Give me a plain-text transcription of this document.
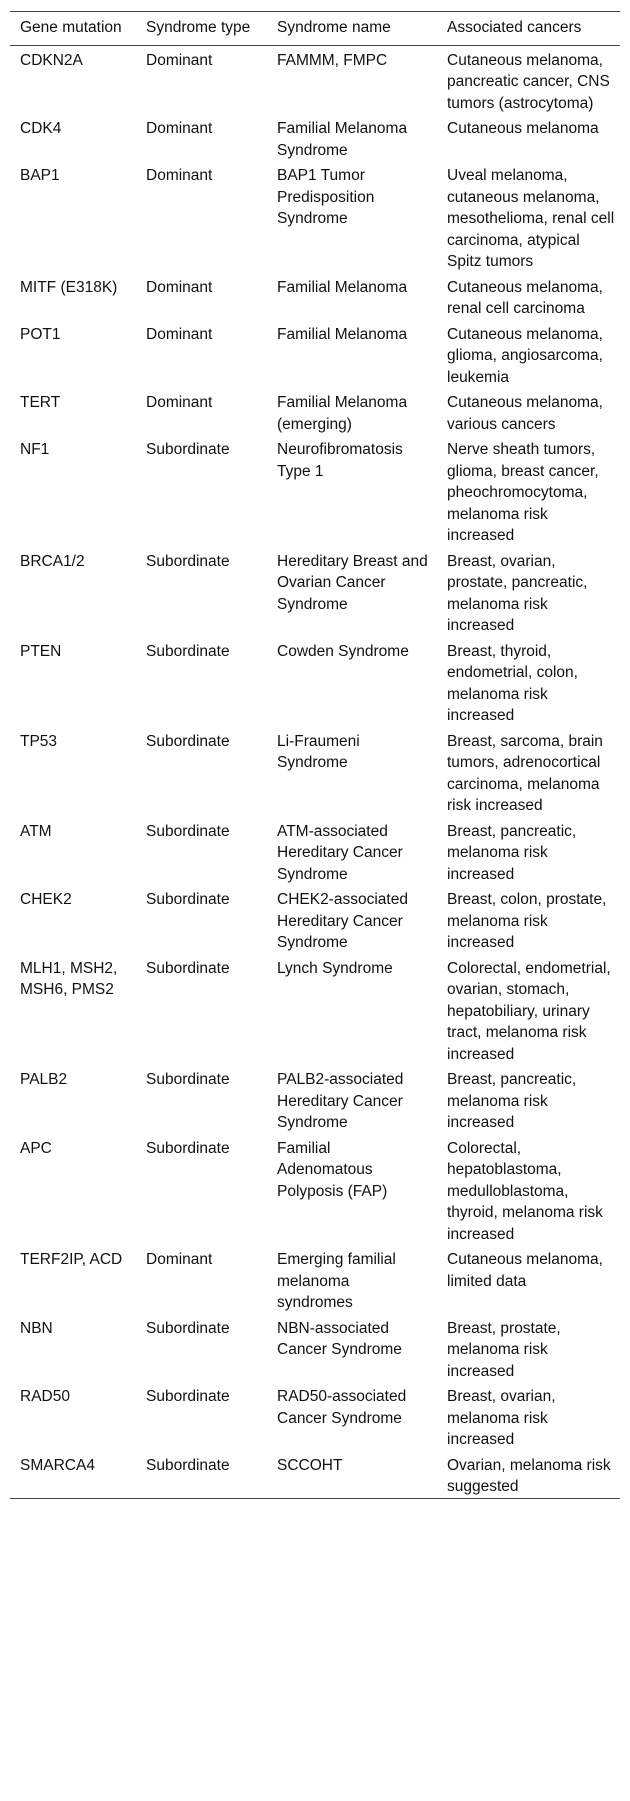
Gene mutation	Syndrome type	Syndrome name	Associated cancers
CDKN2A	Dominant	FAMMM, FMPC	Cutaneous melanoma, pancreatic cancer, CNS tumors (astrocytoma)
CDK4	Dominant	Familial Melanoma Syndrome	Cutaneous melanoma
BAP1	Dominant	BAP1 Tumor Predisposition Syndrome	Uveal melanoma, cutaneous melanoma, mesothelioma, renal cell carcinoma, atypical Spitz tumors
MITF (E318K)	Dominant	Familial Melanoma	Cutaneous melanoma, renal cell carcinoma
POT1	Dominant	Familial Melanoma	Cutaneous melanoma, glioma, angiosarcoma, leukemia
TERT	Dominant	Familial Melanoma (emerging)	Cutaneous melanoma, various cancers
NF1	Subordinate	Neurofibromatosis Type 1	Nerve sheath tumors, glioma, breast cancer, pheochromocytoma, melanoma risk increased
BRCA1/2	Subordinate	Hereditary Breast and Ovarian Cancer Syndrome	Breast, ovarian, prostate, pancreatic, melanoma risk increased
PTEN	Subordinate	Cowden Syndrome	Breast, thyroid, endometrial, colon, melanoma risk increased
TP53	Subordinate	Li-Fraumeni Syndrome	Breast, sarcoma, brain tumors, adrenocortical carcinoma, melanoma risk increased
ATM	Subordinate	ATM-associated Hereditary Cancer Syndrome	Breast, pancreatic, melanoma risk increased
CHEK2	Subordinate	CHEK2-associated Hereditary Cancer Syndrome	Breast, colon, prostate, melanoma risk increased
MLH1, MSH2, MSH6, PMS2	Subordinate	Lynch Syndrome	Colorectal, endometrial, ovarian, stomach, hepatobiliary, urinary tract, melanoma risk increased
PALB2	Subordinate	PALB2-associated Hereditary Cancer Syndrome	Breast, pancreatic, melanoma risk increased
APC	Subordinate	Familial Adenomatous Polyposis (FAP)	Colorectal, hepatoblastoma, medulloblastoma, thyroid, melanoma risk increased
TERF2IP, ACD	Dominant	Emerging familial melanoma syndromes	Cutaneous melanoma, limited data
NBN	Subordinate	NBN-associated Cancer Syndrome	Breast, prostate, melanoma risk increased
RAD50	Subordinate	RAD50-associated Cancer Syndrome	Breast, ovarian, melanoma risk increased
SMARCA4	Subordinate	SCCOHT	Ovarian, melanoma risk suggested
